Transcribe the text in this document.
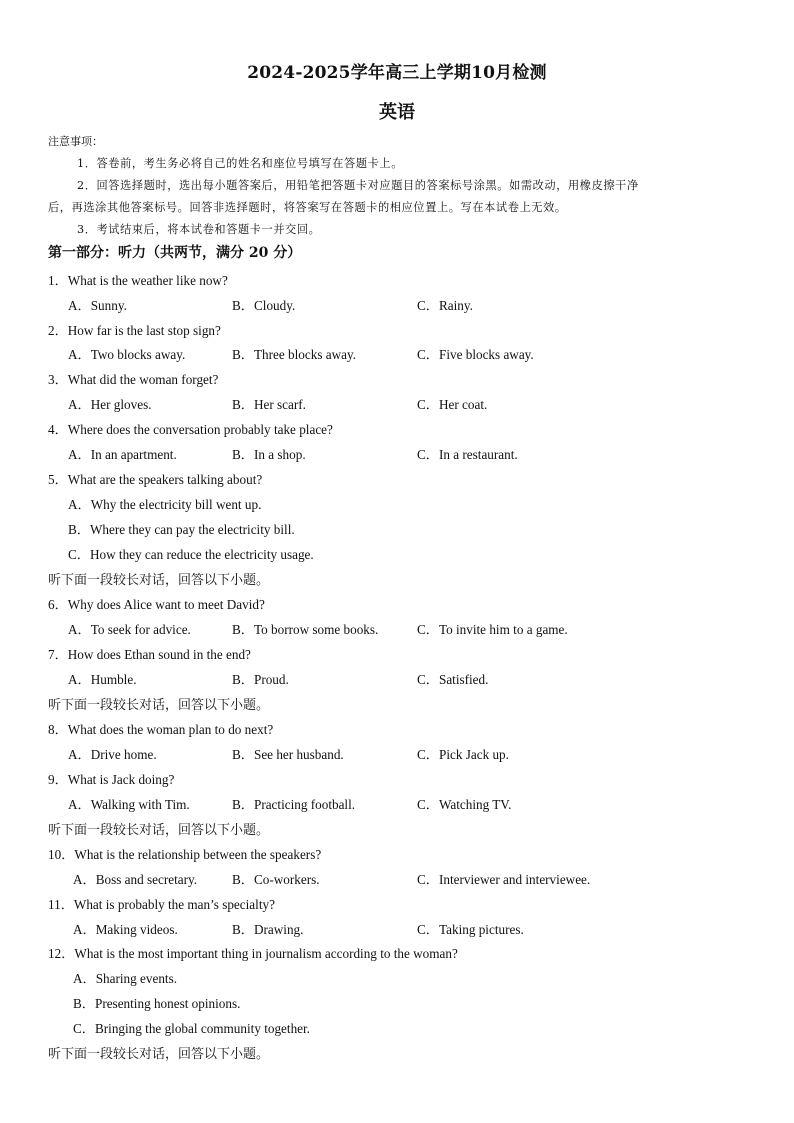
2024-2025学年高三上学期10月检测
英语
注意事项：
1．答卷前，考生务必将自己的姓名和座位号填写在答题卡上。
2．回答选择题时，选出每小题答案后，用铅笔把答题卡对应题目的答案标号涂黑。如需改动，用橡皮擦干净
后，再选涂其他答案标号。回答非选择题时，将答案写在答题卡的相应位置上。写在本试卷上无效。
3．考试结束后，将本试卷和答题卡一并交回。
第一部分：听力（共两节，满分 20 分）
1．What is the weather like now?
A．Sunny.	B．Cloudy.	C．Rainy.
2．How far is the last stop sign?
A．Two blocks away.	B．Three blocks away.	C．Five blocks away.
3．What did the woman forget?
A．Her gloves.	B．Her scarf.	C．Her coat.
4．Where does the conversation probably take place?
A．In an apartment.	B．In a shop.	C．In a restaurant.
5．What are the speakers talking about?
A．Why the electricity bill went up.
B．Where they can pay the electricity bill.
C．How they can reduce the electricity usage.
听下面一段较长对话，回答以下小题。
6．Why does Alice want to meet David?
A．To seek for advice.	B．To borrow some books.	C．To invite him to a game.
7．How does Ethan sound in the end?
A．Humble.	B．Proud.	C．Satisfied.
听下面一段较长对话，回答以下小题。
8．What does the woman plan to do next?
A．Drive home.	B．See her husband.	C．Pick Jack up.
9．What is Jack doing?
A．Walking with Tim.	B．Practicing football.	C．Watching TV.
听下面一段较长对话，回答以下小题。
10．What is the relationship between the speakers?
A．Boss and secretary.	B．Co-workers.	C．Interviewer and interviewee.
11．What is probably the man’s specialty?
A．Making videos.	B．Drawing.	C．Taking pictures.
12．What is the most important thing in journalism according to the woman?
A．Sharing events.
B．Presenting honest opinions.
C．Bringing the global community together.
听下面一段较长对话，回答以下小题。
